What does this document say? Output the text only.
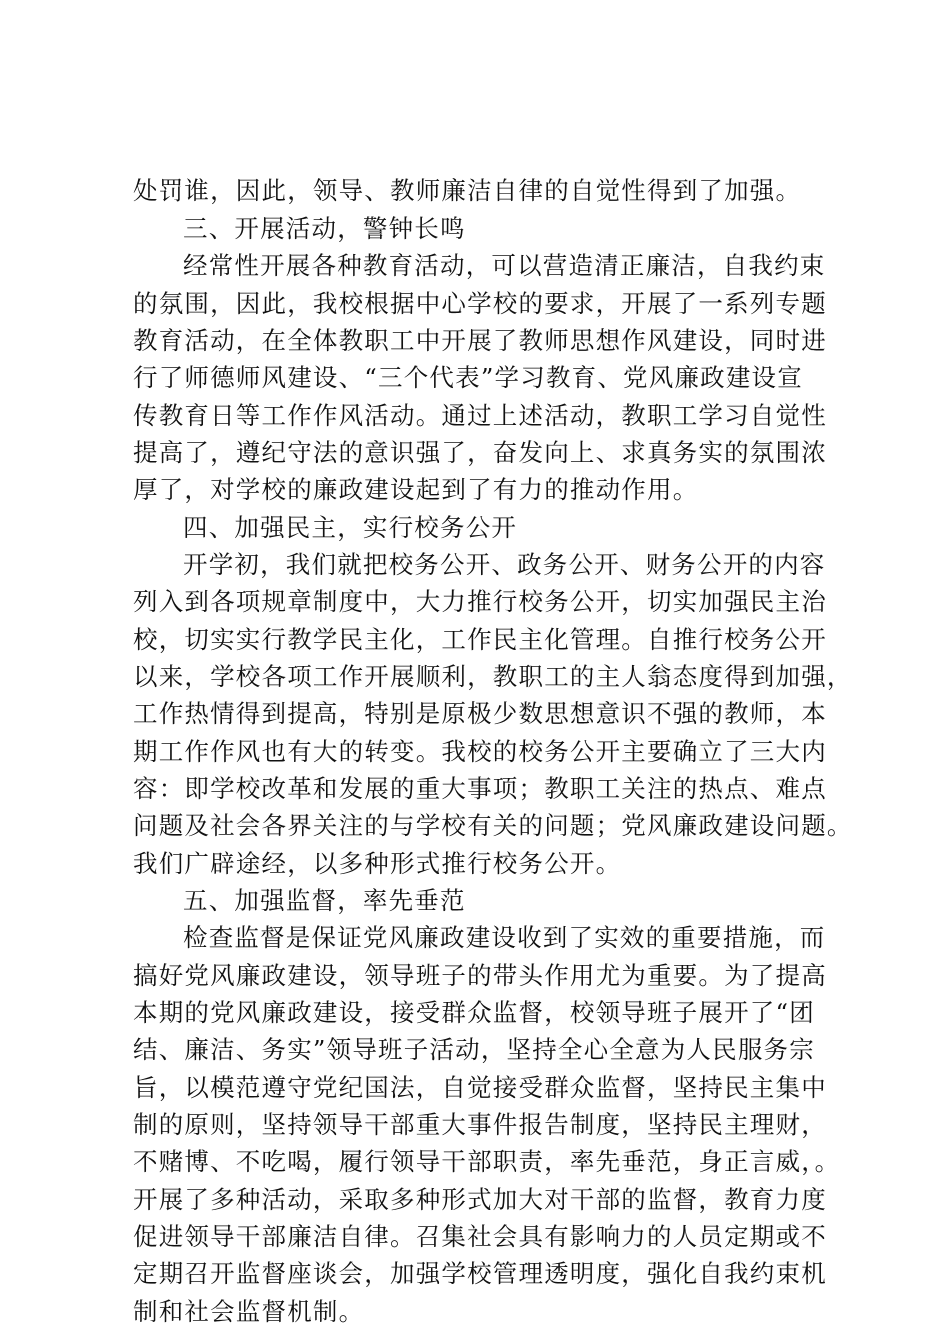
处罚谁，因此，领导、教师廉洁自律的自觉性得到了加强。
三、开展活动，警钟长鸣
经常性开展各种教育活动，可以营造清正廉洁，自我约束
的氛围，因此，我校根据中心学校的要求，开展了一系列专题
教育活动，在全体教职工中开展了教师思想作风建设，同时进
行了师德师风建设、“三个代表”学习教育、党风廉政建设宣
传教育日等工作作风活动。通过上述活动，教职工学习自觉性
提高了，遵纪守法的意识强了，奋发向上、求真务实的氛围浓
厚了，对学校的廉政建设起到了有力的推动作用。
四、加强民主，实行校务公开
开学初，我们就把校务公开、政务公开、财务公开的内容
列入到各项规章制度中，大力推行校务公开，切实加强民主治
校，切实实行教学民主化，工作民主化管理。自推行校务公开
以来，学校各项工作开展顺利，教职工的主人翁态度得到加强，
工作热情得到提高，特别是原极少数思想意识不强的教师，本
期工作作风也有大的转变。我校的校务公开主要确立了三大内
容：即学校改革和发展的重大事项；教职工关注的热点、难点
问题及社会各界关注的与学校有关的问题；党风廉政建设问题。
我们广辟途经，以多种形式推行校务公开。
五、加强监督，率先垂范
检查监督是保证党风廉政建设收到了实效的重要措施，而
搞好党风廉政建设，领导班子的带头作用尤为重要。为了提高
本期的党风廉政建设，接受群众监督，校领导班子展开了“团
结、廉洁、务实”领导班子活动，坚持全心全意为人民服务宗
旨，以模范遵守党纪国法，自觉接受群众监督，坚持民主集中
制的原则，坚持领导干部重大事件报告制度，坚持民主理财，
不赌博、不吃喝，履行领导干部职责，率先垂范，身正言威，。
开展了多种活动，采取多种形式加大对干部的监督，教育力度
促进领导干部廉洁自律。召集社会具有影响力的人员定期或不
定期召开监督座谈会，加强学校管理透明度，强化自我约束机
制和社会监督机制。
